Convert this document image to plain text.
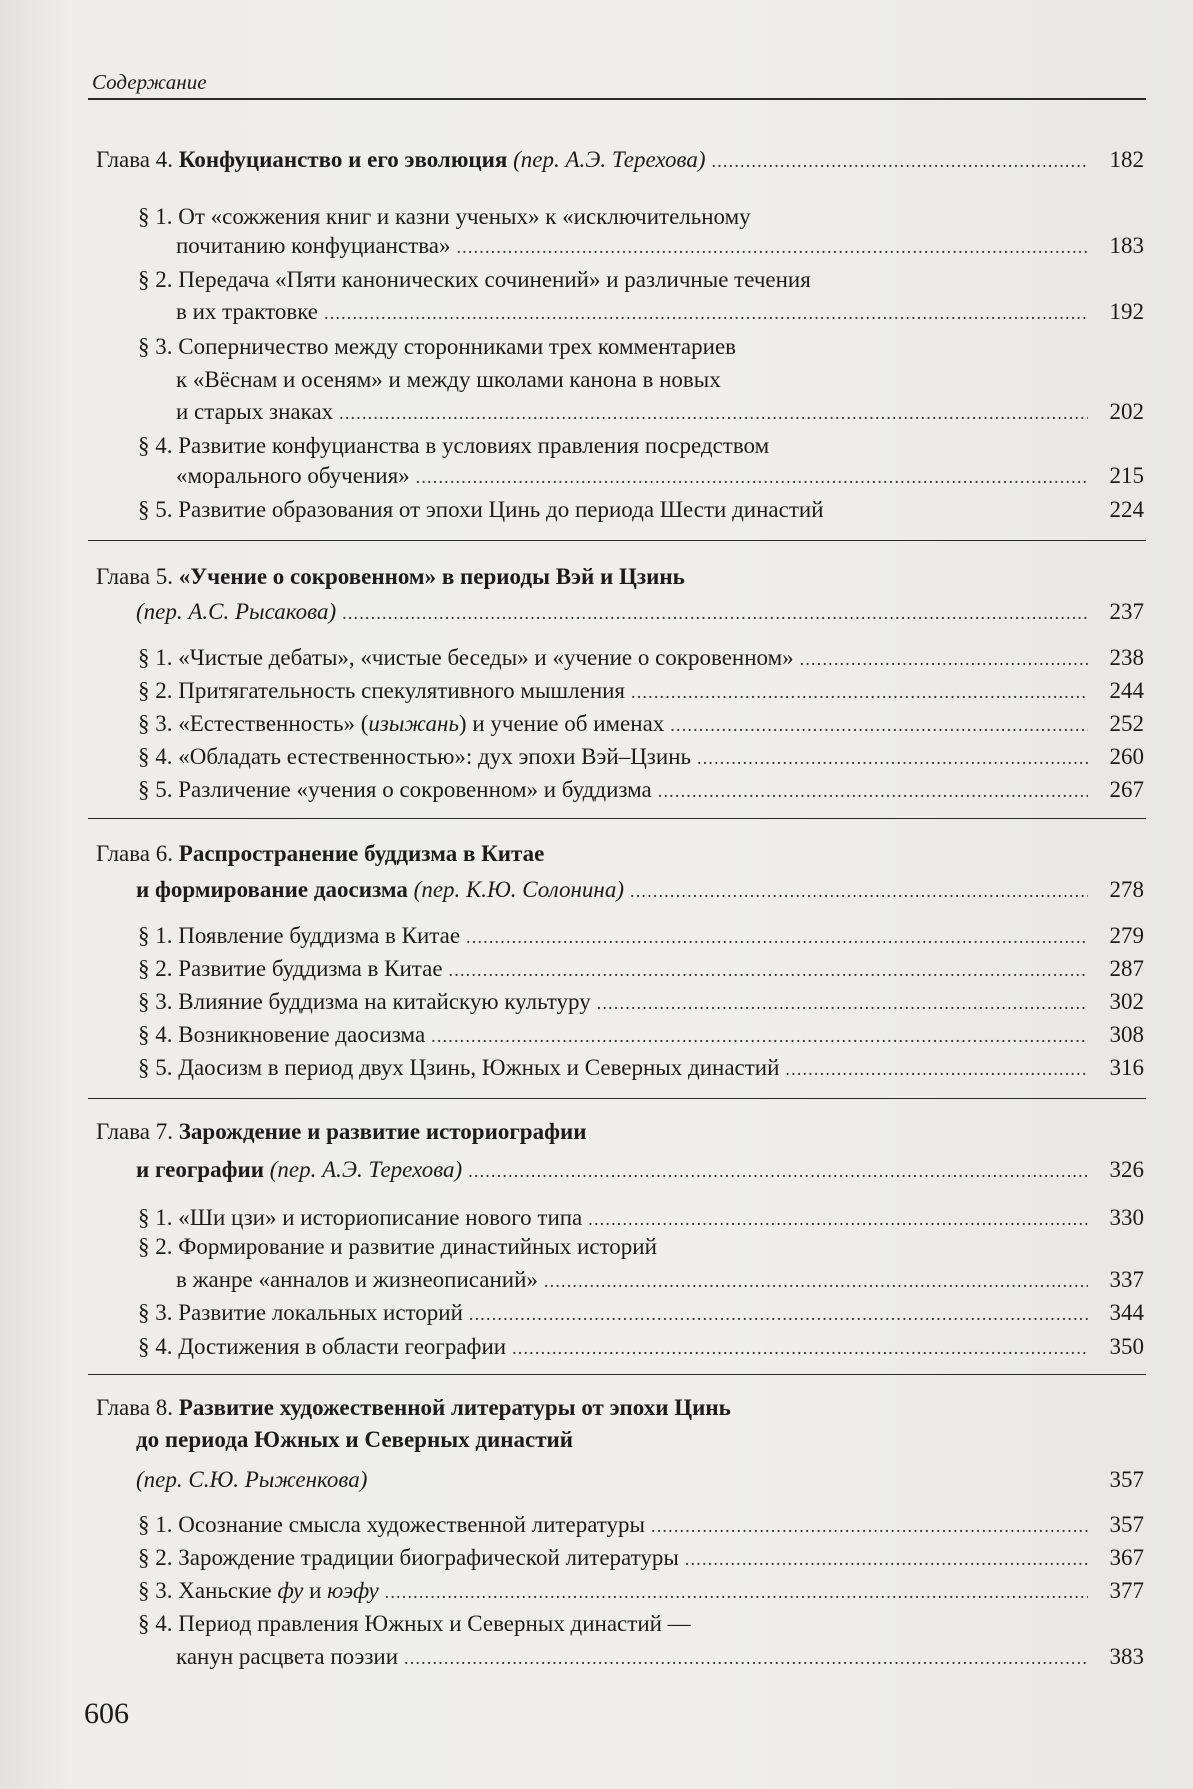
Содержание
Глава 4. Конфуцианство и его эволюция (пер. А.Э. Терехова) .....	182
§ 1. От «сожжения книг и казни ученых» к «исключительному
почитанию конфуцианства» .....	183
§ 2. Передача «Пяти канонических сочинений» и различные течения
в их трактовке .....	192
§ 3. Соперничество между сторонниками трех комментариев
к «Вёснам и осеням» и между школами канона в новых
и старых знаках .....	202
§ 4. Развитие конфуцианства в условиях правления посредством
«морального обучения» .....	215
§ 5. Развитие образования от эпохи Цинь до периода Шести династий	224
Глава 5. «Учение о сокровенном» в периоды Вэй и Цзинь
(пер. А.С. Рысакова) .....	237
§ 1. «Чистые дебаты», «чистые беседы» и «учение о сокровенном» .....	238
§ 2. Притягательность спекулятивного мышления .....	244
§ 3. «Естественность» (изыжань) и учение об именах .....	252
§ 4. «Обладать естественностью»: дух эпохи Вэй–Цзинь .....	260
§ 5. Различение «учения о сокровенном» и буддизма .....	267
Глава 6. Распространение буддизма в Китае
и формирование даосизма (пер. К.Ю. Солонина) .....	278
§ 1. Появление буддизма в Китае .....	279
§ 2. Развитие буддизма в Китае .....	287
§ 3. Влияние буддизма на китайскую культуру .....	302
§ 4. Возникновение даосизма .....	308
§ 5. Даосизм в период двух Цзинь, Южных и Северных династий .....	316
Глава 7. Зарождение и развитие историографии
и географии (пер. А.Э. Терехова) .....	326
§ 1. «Ши цзи» и историописание нового типа .....	330
§ 2. Формирование и развитие династийных историй
в жанре «анналов и жизнеописаний» .....	337
§ 3. Развитие локальных историй .....	344
§ 4. Достижения в области географии .....	350
Глава 8. Развитие художественной литературы от эпохи Цинь
до периода Южных и Северных династий
(пер. С.Ю. Рыженкова)	357
§ 1. Осознание смысла художественной литературы .....	357
§ 2. Зарождение традиции биографической литературы .....	367
§ 3. Ханьские фу и юэфу .....	377
§ 4. Период правления Южных и Северных династий —
канун расцвета поэзии .....	383
606
